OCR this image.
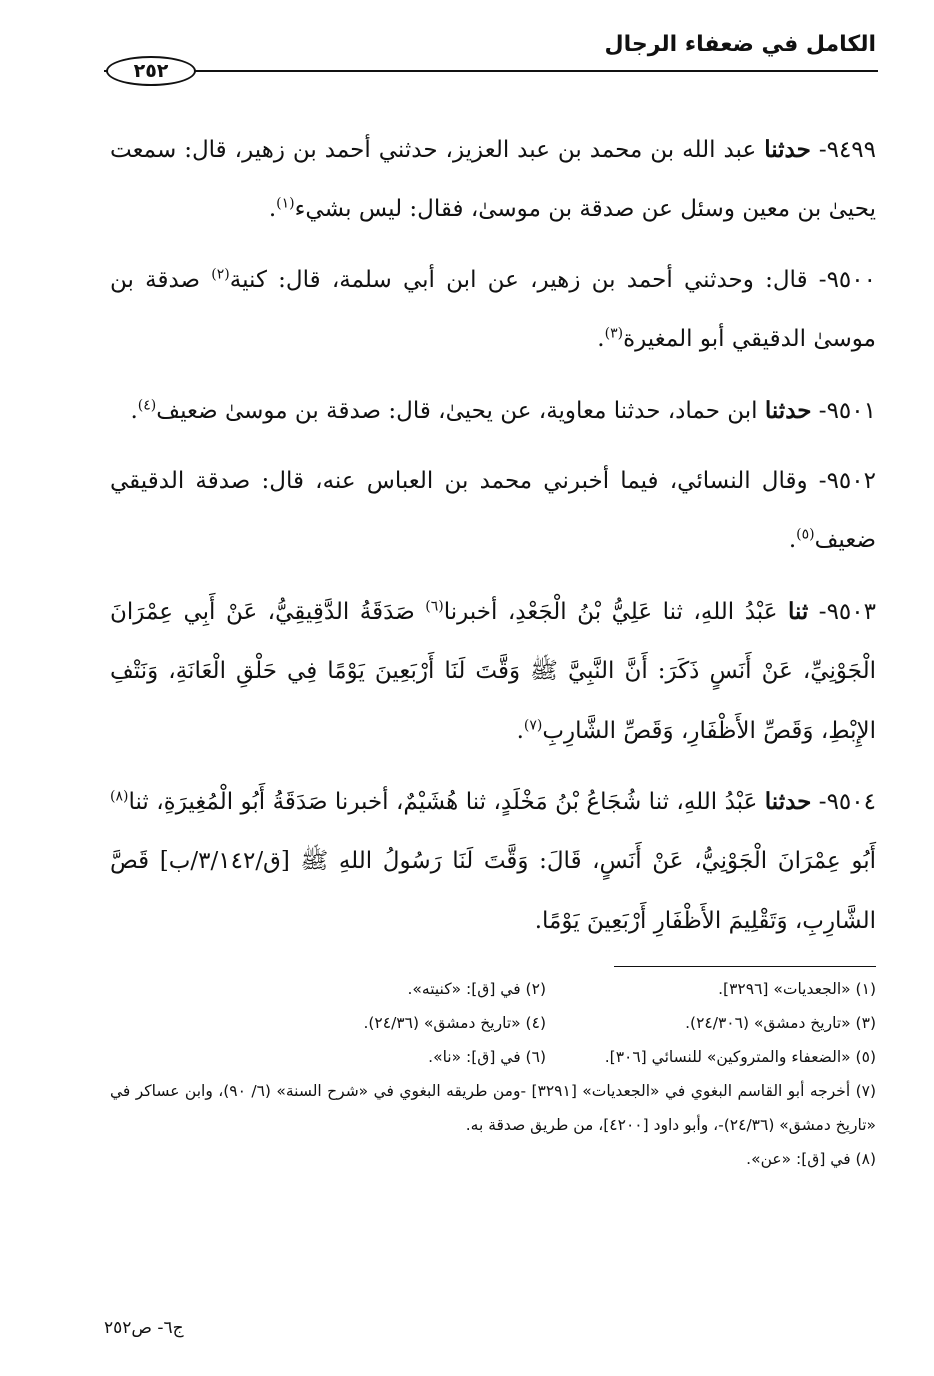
الكامل في ضعفاء الرجال
٢٥٢

٩٤٩٩- حدثنا عبد الله بن محمد بن عبد العزيز، حدثني أحمد بن زهير، قال: سمعت يحيىٰ بن معين وسئل عن صدقة بن موسىٰ، فقال: ليس بشيء$^{(١)}$.

٩٥٠٠- قال: وحدثني أحمد بن زهير، عن ابن أبي سلمة، قال: كنية$^{(٢)}$ صدقة بن موسىٰ الدقيقي أبو المغيرة$^{(٣)}$.

٩٥٠١- حدثنا ابن حماد، حدثنا معاوية، عن يحيىٰ، قال: صدقة بن موسىٰ ضعيف$^{(٤)}$.

٩٥٠٢- وقال النسائي، فيما أخبرني محمد بن العباس عنه، قال: صدقة الدقيقي ضعيف$^{(٥)}$.

٩٥٠٣- ثنا عَبْدُ اللهِ، ثنا عَلِيُّ بْنُ الْجَعْدِ، أخبرنا$^{(٦)}$ صَدَقَةُ الدَّقِيقِيُّ، عَنْ أَبِي عِمْرَانَ الْجَوْنِيِّ، عَنْ أَنَسٍ ذَكَرَ: أَنَّ النَّبِيَّ ﷺ وَقَّتَ لَنَا أَرْبَعِينَ يَوْمًا فِي حَلْقِ الْعَانَةِ، وَنَتْفِ الإِبْطِ، وَقَصِّ الأَظْفَارِ، وَقَصِّ الشَّارِبِ$^{(٧)}$.

٩٥٠٤- حدثنا عَبْدُ اللهِ، ثنا شُجَاعُ بْنُ مَخْلَدٍ، ثنا هُشَيْمٌ، أخبرنا صَدَقَةُ أَبُو الْمُغِيرَةِ، ثنا$^{(٨)}$ أَبُو عِمْرَانَ الْجَوْنِيُّ، عَنْ أَنَسٍ، قَالَ: وَقَّتَ لَنَا رَسُولُ اللهِ ﷺ [ق/٣/١٤٢/ب] قَصَّ الشَّارِبِ، وَتَقْلِيمَ الأَظْفَارِ أَرْبَعِينَ يَوْمًا.

(١) «الجعديات» [٣٢٩٦].
(٢) في [ق]: «كنيته».
(٣) «تاريخ دمشق» (٢٤/٣٠٦).
(٤) «تاريخ دمشق» (٢٤/٣٦).
(٥) «الضعفاء والمتروكين» للنسائي [٣٠٦].
(٦) في [ق]: «نا».
(٧) أخرجه أبو القاسم البغوي في «الجعديات» [٣٢٩١] -ومن طريقه البغوي في «شرح السنة» (٦/ ٩٠)، وابن عساكر في «تاريخ دمشق» (٢٤/٣٦)-، وأبو داود [٤٢٠٠]، من طريق صدقة به.
(٨) في [ق]: «عن».
ج٦- ص٢٥٢
